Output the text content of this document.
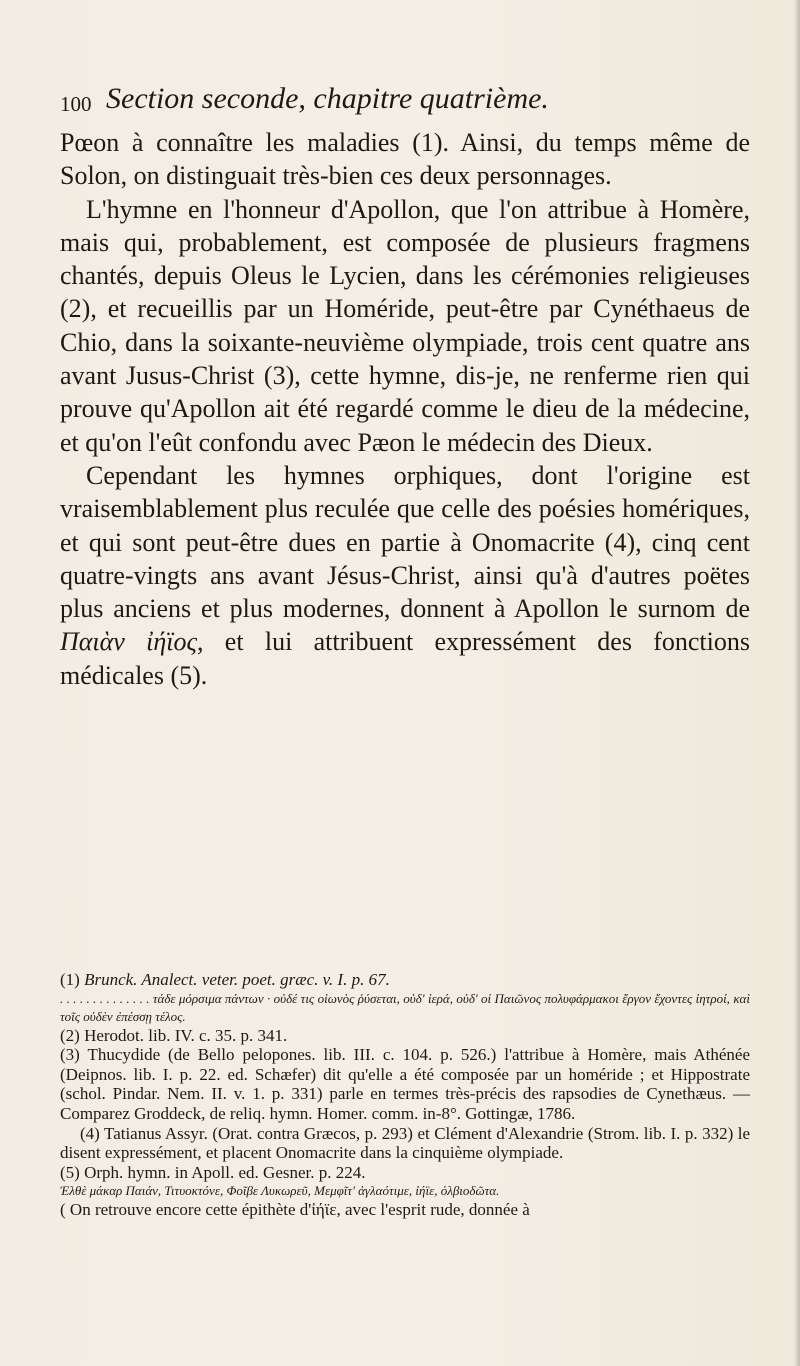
100 Section seconde, chapitre quatrième.

Pœon à connaître les maladies (1). Ainsi, du temps même de Solon, on distinguait très-bien ces deux personnages.

L'hymne en l'honneur d'Apollon, que l'on attribue à Homère, mais qui, probablement, est composée de plusieurs fragmens chantés, depuis Oleus le Lycien, dans les cérémonies religieuses (2), et recueillis par un Homéride, peut-être par Cynéthaeus de Chio, dans la soixante-neuvième olympiade, trois cent quatre ans avant Jusus-Christ (3), cette hymne, dis-je, ne renferme rien qui prouve qu'Apollon ait été regardé comme le dieu de la médecine, et qu'on l'eût confondu avec Pæon le médecin des Dieux.

Cependant les hymnes orphiques, dont l'origine est vraisemblablement plus reculée que celle des poésies homériques, et qui sont peut-être dues en partie à Onomacrite (4), cinq cent quatre-vingts ans avant Jésus-Christ, ainsi qu'à d'autres poëtes plus anciens et plus modernes, donnent à Apollon le surnom de Παιὰν ἰήϊος, et lui attribuent expressément des fonctions médicales (5).

(1) Brunck. Analect. veter. poet. græc. v. I. p. 67.

. . . . . . . . . . . . . . τάδε μόρσιμα πάντων · οὐδέ τις οἰωνὸς ῥύσεται, οὐδ' ἱερά, οὐδ' οἱ Παιῶνος πολυφάρμακοι ἔργον ἔχοντες ἰητροί, καὶ τοῖς οὐδὲν ἐπέσσῃ τέλος.

(2) Herodot. lib. IV. c. 35. p. 341.

(3) Thucydide (de Bello pelopones. lib. III. c. 104. p. 526.) l'attribue à Homère, mais Athénée (Deipnos. lib. I. p. 22. ed. Schæfer) dit qu'elle a été composée par un homéride ; et Hippostrate (schol. Pindar. Nem. II. v. 1. p. 331) parle en termes très-précis des rapsodies de Cynethæus. — Comparez Groddeck, de reliq. hymn. Homer. comm. in-8°. Gottingæ, 1786.

(4) Tatianus Assyr. (Orat. contra Græcos, p. 293) et Clément d'Alexandrie (Strom. lib. I. p. 332) le disent expressément, et placent Onomacrite dans la cinquième olympiade.

(5) Orph. hymn. in Apoll. ed. Gesner. p. 224.

Ἐλθὲ μάκαρ Παιάν, Τιτυοκτόνε, Φοῖβε Λυκωρεῦ, Μεμφῖτ' ἀγλαότιμε, ἰήϊε, ὀλβιοδῶτα.

( On retrouve encore cette épithète d'ἰήϊε, avec l'esprit rude, donnée à
